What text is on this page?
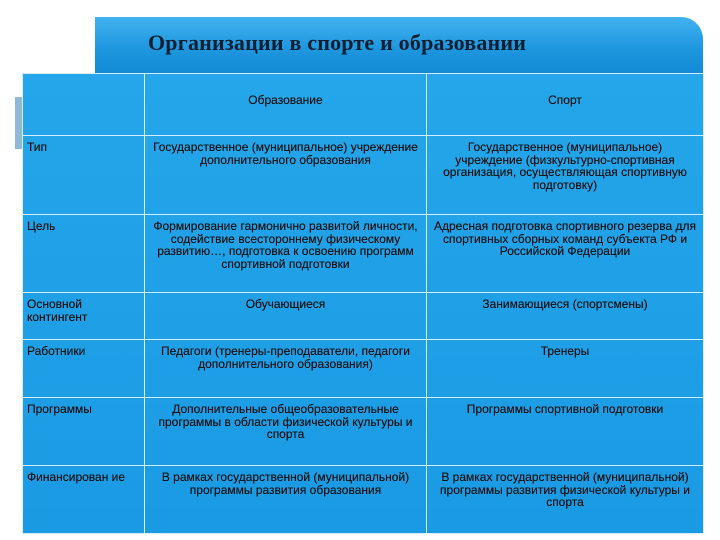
Организации в спорте и образовании
	Образование	Спорт
Тип	Государственное (муниципальное) учреждение дополнительного образования	Государственное (муниципальное) учреждение (физкультурно-спортивная организация, осуществляющая спортивную подготовку)
Цель	Формирование гармонично развитой личности, содействие всестороннему физическому развитию…, подготовка к освоению программ спортивной подготовки	Адресная подготовка спортивного резерва для спортивных сборных команд субъекта РФ и Российской Федерации
Основной контингент	Обучающиеся	Занимающиеся (спортсмены)
Работники	Педагоги (тренеры-преподаватели, педагоги дополнительного образования)	Тренеры
Программы	Дополнительные общеобразовательные программы в области физической культуры и спорта	Программы спортивной подготовки
Финансирован ие	В рамках государственной (муниципальной) программы развития образования	В рамках государственной (муниципальной) программы развития физической культуры и спорта
